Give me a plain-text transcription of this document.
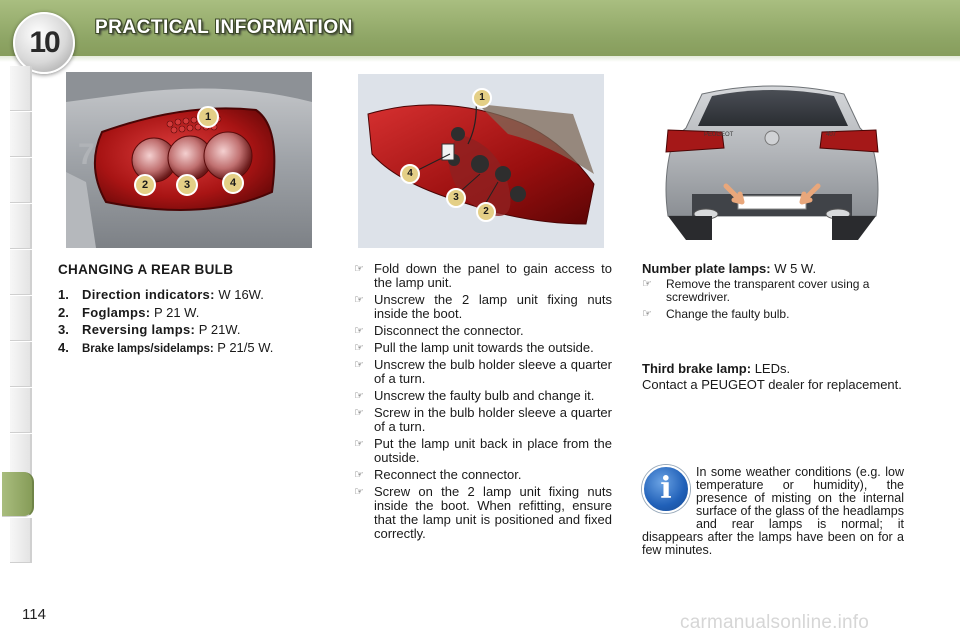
10	PRACTICAL INFORMATION
7
1
2	3	4
1
4
3
2
PEUGEOT	407
CHANGING A REAR BULB
1. Direction indicators: W 16W.
2. Foglamps: P 21 W.
3. Reversing lamps: P 21W.
4. Brake lamps/sidelamps: P 21/5 W.
☞ Fold down the panel to gain access to the lamp unit.
☞ Unscrew the 2 lamp unit fixing nuts inside the boot.
☞ Disconnect the connector.
☞ Pull the lamp unit towards the outside.
☞ Unscrew the bulb holder sleeve a quarter of a turn.
☞ Unscrew the faulty bulb and change it.
☞ Screw in the bulb holder sleeve a quarter of a turn.
☞ Put the lamp unit back in place from the outside.
☞ Reconnect the connector.
☞ Screw on the 2 lamp unit fixing nuts inside the boot. When refitting, ensure that the lamp unit is positioned and fixed correctly.
Number plate lamps: W 5 W.
☞ Remove the transparent cover using a screwdriver.
☞ Change the faulty bulb.
Third brake lamp: LEDs.
Contact a PEUGEOT dealer for replacement.
In some weather conditions (e.g. low temperature or humidity), the presence of misting on the internal surface of the glass of the headlamps and rear lamps is normal; it disappears after the lamps have been on for a few minutes.
i
114	carmanualsonline.info
